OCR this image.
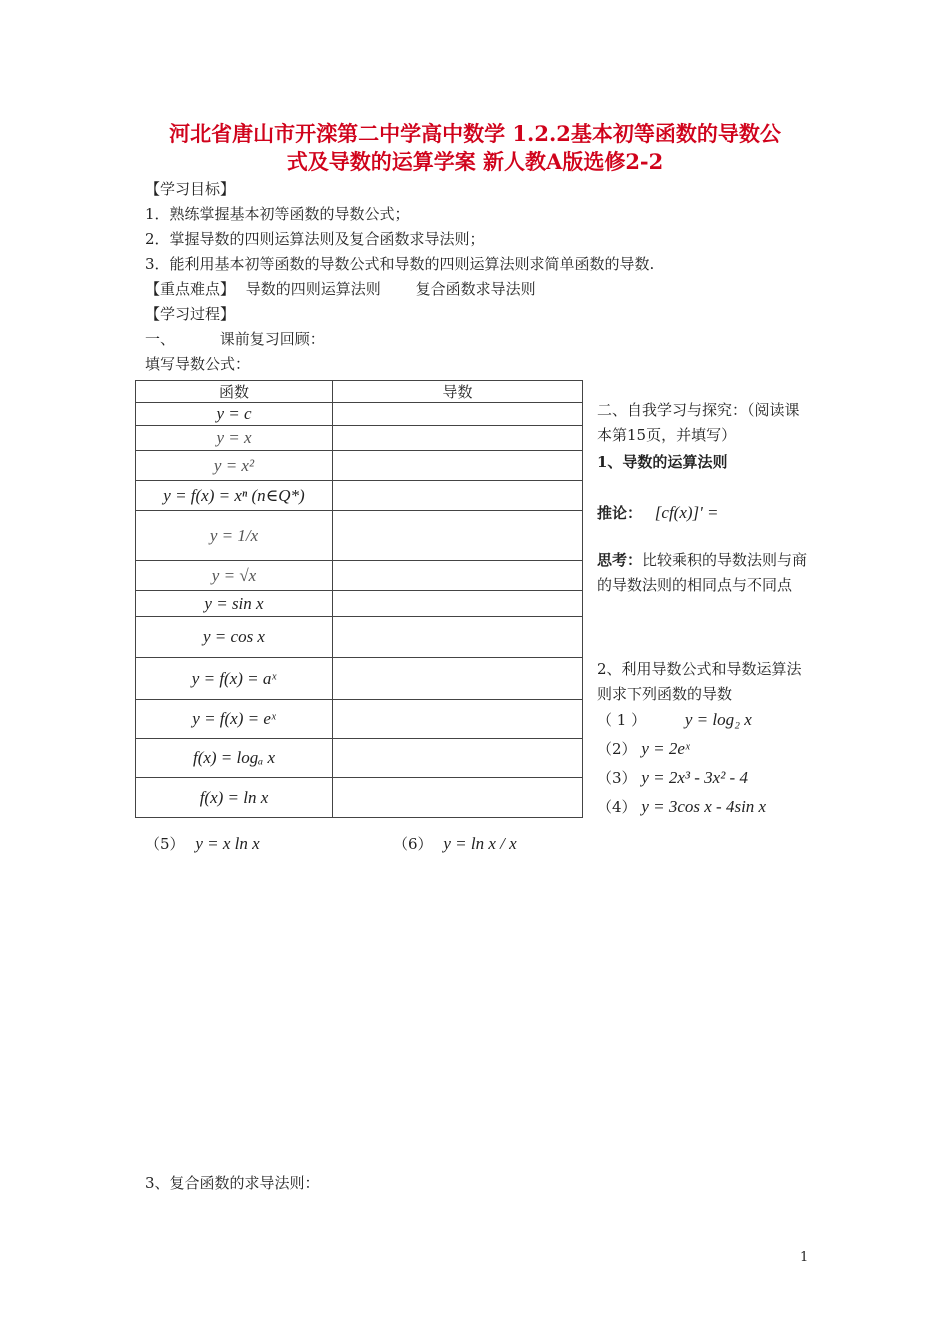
河北省唐山市开滦第二中学高中数学 1.2.2基本初等函数的导数公
式及导数的运算学案 新人教A版选修2-2
【学习目标】
1．熟练掌握基本初等函数的导数公式；
2．掌握导数的四则运算法则及复合函数求导法则；
3．能利用基本初等函数的导数公式和导数的四则运算法则求简单函数的导数.
【重点难点】 导数的四则运算法则 复合函数求导法则
【学习过程】
一、	课前复习回顾：
填写导数公式：
函数	导数
y = c	
y = x	
y = x²	
y = f(x) = xⁿ (n∈Q*)	
y = 1/x	
y = √x	
y = sin x	
y = cos x	
y = f(x) = aˣ	
y = f(x) = eˣ	
f(x) = logₐ x	
f(x) = ln x	
二、自我学习与探究：（阅读课本第15页，并填写）
1、导数的运算法则
推论： [cf(x)]' =
思考：比较乘积的导数法则与商的导数法则的相同点与不同点
2、利用导数公式和导数运算法则求下列函数的导数
（ 1 ） y = log₂ x
（2） y = 2eˣ
（3） y = 2x³ - 3x² - 4
（4） y = 3cos x - 4sin x
（5） y = x ln x	（6） y = ln x / x
3、复合函数的求导法则：
1
